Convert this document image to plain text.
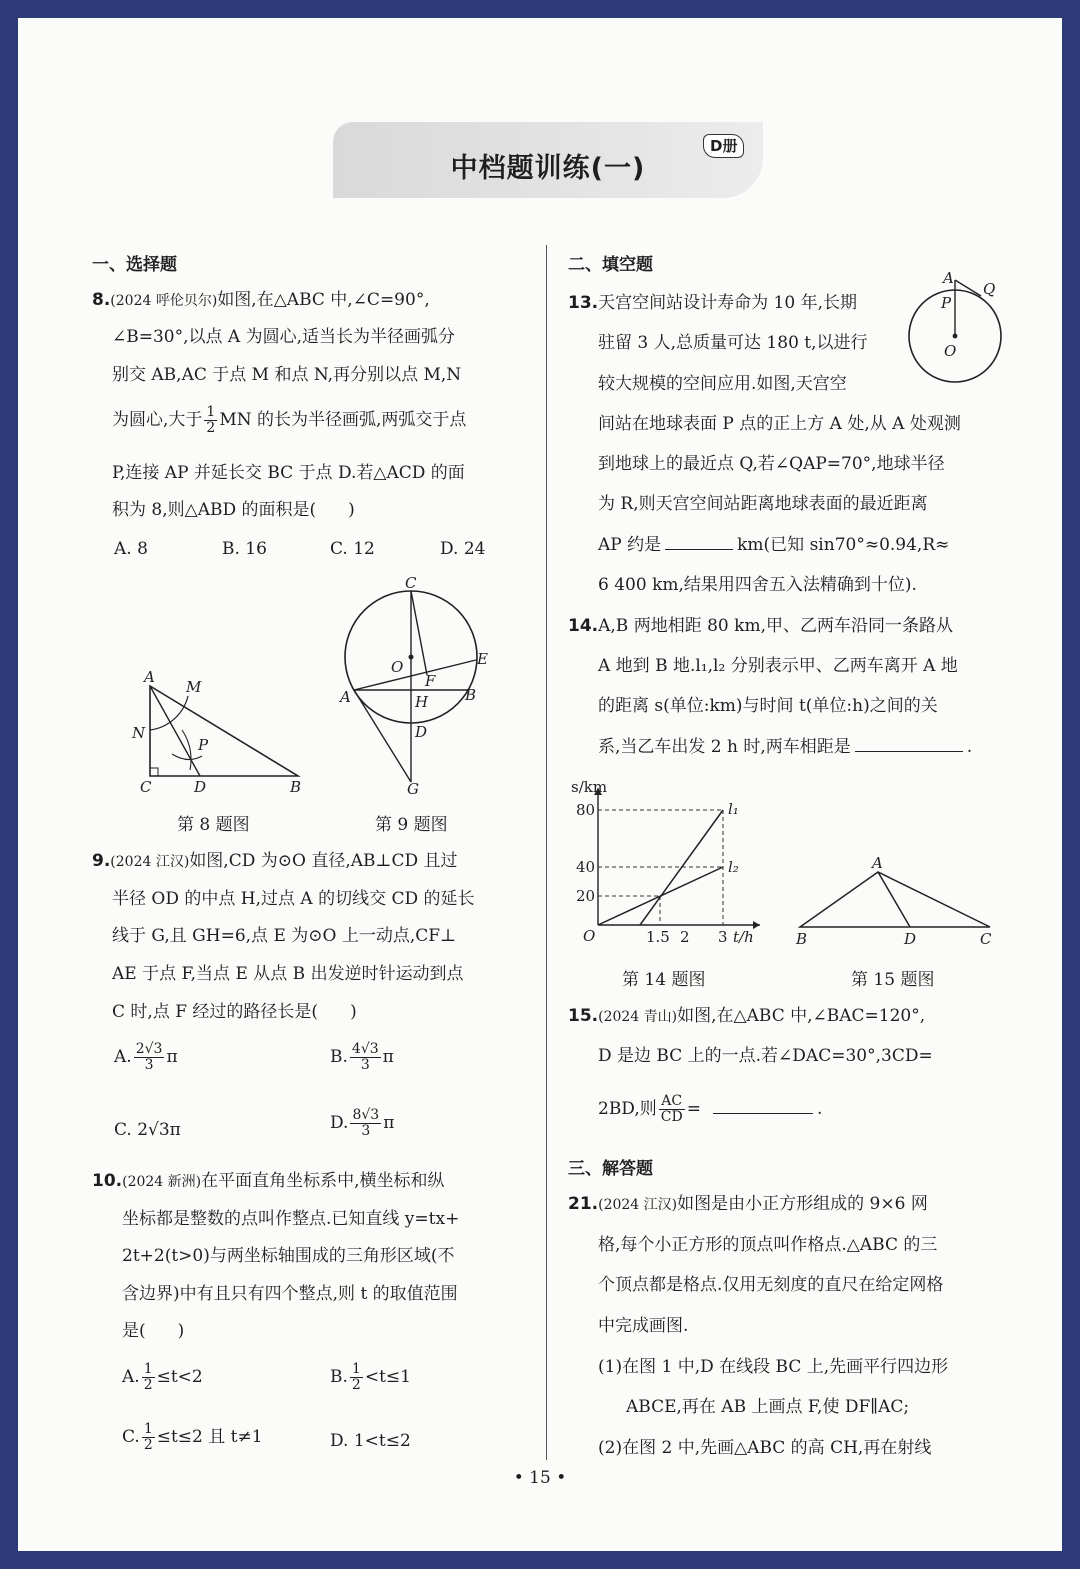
中档题训练(一)
D册
一、选择题
8.(2024 呼伦贝尔)如图,在△ABC 中,∠C=90°,
∠B=30°,以点 A 为圆心,适当长为半径画弧分
别交 AB,AC 于点 M 和点 N,再分别以点 M,N
为圆心,大于 $\frac{1}{2}$ MN 的长为半径画弧,两弧交于点
P,连接 AP 并延长交 BC 于点 D.若△ACD 的面
积为 8,则△ABD 的面积是( )
A. 8	B. 16	C. 12	D. 24
A
M
N
P
C	D	B
第 8 题图
C
O	E
F
A	H B
D
G
第 9 题图
9.(2024 江汉)如图,CD 为⊙O 直径,AB⊥CD 且过
半径 OD 的中点 H,过点 A 的切线交 CD 的延长
线于 G,且 GH=6,点 E 为⊙O 上一动点,CF⊥
AE 于点 F,当点 E 从点 B 出发逆时针运动到点
C 时,点 F 经过的路径长是( )
A. $\frac{2√3}{3}$ π	B. $\frac{4√3}{3}$ π
C. 2√3π	D. $\frac{8√3}{3}$ π
10.(2024 新洲)在平面直角坐标系中,横坐标和纵
坐标都是整数的点叫作整点.已知直线 y=tx+
2t+2(t>0)与两坐标轴围成的三角形区域(不
含边界)中有且只有四个整点,则 t 的取值范围
是( )
A. $\frac{1}{2} \le t<2$	B. $\frac{1}{2} <t\le 1$
C. $\frac{1}{2} \le t\le 2$ 且 t≠1	D. 1<t≤2
二、填空题
A
Q
P
O
13.天宫空间站设计寿命为 10 年,长期
驻留 3 人,总质量可达 180 t,以进行
较大规模的空间应用.如图,天宫空
间站在地球表面 P 点的正上方 A 处,从 A 处观测
到地球上的最近点 Q,若∠QAP=70°,地球半径
为 R,则天宫空间站距离地球表面的最近距离
AP 约是	km(已知 sin70°≈0.94,R≈
6 400 km,结果用四舍五入法精确到十位).
14.A,B 两地相距 80 km,甲、乙两车沿同一条路从
A 地到 B 地.l₁,l₂ 分别表示甲、乙两车离开 A 地
的距离 s(单位:km)与时间 t(单位:h)之间的关
系,当乙车出发 2 h 时,两车相距是	.
s/km
80
40
20
O	1.5 2 3 t/h
l₁
l₂
第 14 题图
A
B	D	C
第 15 题图
15.(2024 青山)如图,在△ABC 中,∠BAC=120°,
D 是边 BC 上的一点.若∠DAC=30°,3CD=
2BD,则 $\frac{AC}{CD}$ =	.
三、解答题
21.(2024 江汉)如图是由小正方形组成的 9×6 网
格,每个小正方形的顶点叫作格点.△ABC 的三
个顶点都是格点.仅用无刻度的直尺在给定网格
中完成画图.
(1)在图 1 中,D 在线段 BC 上,先画平行四边形
ABCE,再在 AB 上画点 F,使 DF∥AC;
(2)在图 2 中,先画△ABC 的高 CH,再在射线
• 15 •
